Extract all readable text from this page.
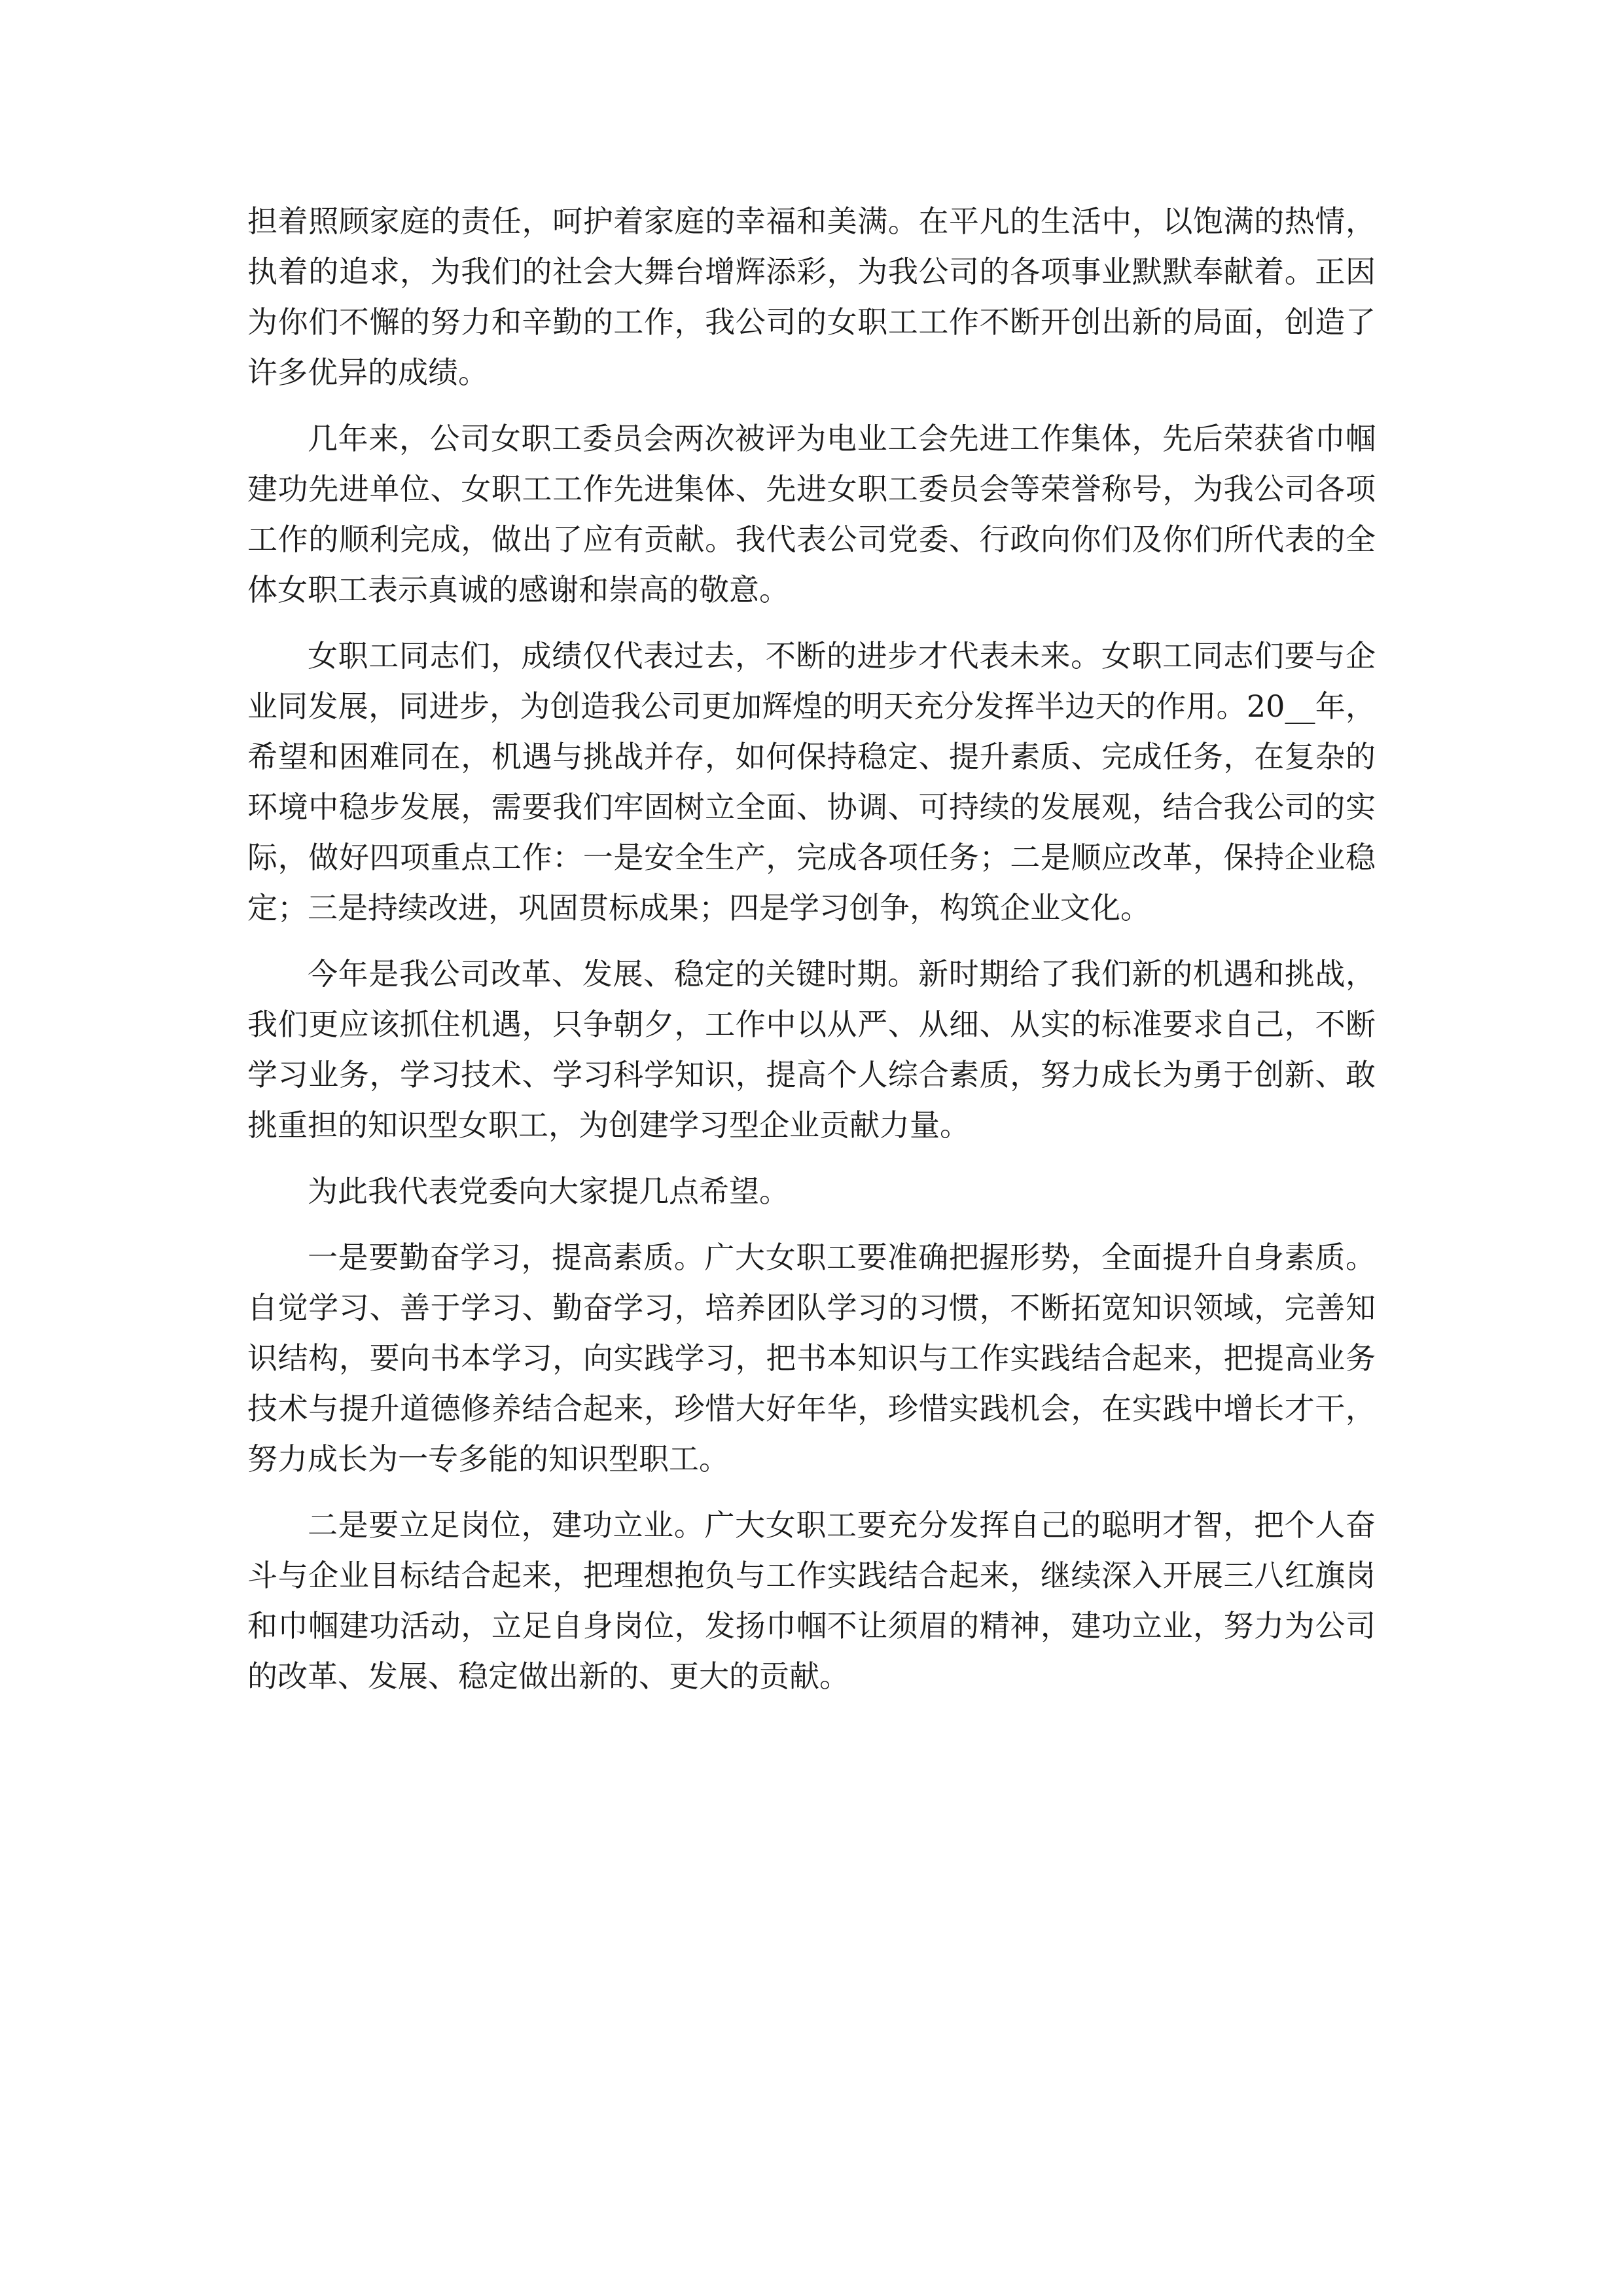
担着照顾家庭的责任，呵护着家庭的幸福和美满。在平凡的生活中，以饱满的热情，执着的追求，为我们的社会大舞台增辉添彩，为我公司的各项事业默默奉献着。正因为你们不懈的努力和辛勤的工作，我公司的女职工工作不断开创出新的局面，创造了许多优异的成绩。

几年来，公司女职工委员会两次被评为电业工会先进工作集体，先后荣获省巾帼建功先进单位、女职工工作先进集体、先进女职工委员会等荣誉称号，为我公司各项工作的顺利完成，做出了应有贡献。我代表公司党委、行政向你们及你们所代表的全体女职工表示真诚的感谢和崇高的敬意。

女职工同志们，成绩仅代表过去，不断的进步才代表未来。女职工同志们要与企业同发展，同进步，为创造我公司更加辉煌的明天充分发挥半边天的作用。20__年，希望和困难同在，机遇与挑战并存，如何保持稳定、提升素质、完成任务，在复杂的环境中稳步发展，需要我们牢固树立全面、协调、可持续的发展观，结合我公司的实际，做好四项重点工作：一是安全生产，完成各项任务；二是顺应改革，保持企业稳定；三是持续改进，巩固贯标成果；四是学习创争，构筑企业文化。

今年是我公司改革、发展、稳定的关键时期。新时期给了我们新的机遇和挑战，我们更应该抓住机遇，只争朝夕，工作中以从严、从细、从实的标准要求自己，不断学习业务，学习技术、学习科学知识，提高个人综合素质，努力成长为勇于创新、敢挑重担的知识型女职工，为创建学习型企业贡献力量。

为此我代表党委向大家提几点希望。

一是要勤奋学习，提高素质。广大女职工要准确把握形势，全面提升自身素质。自觉学习、善于学习、勤奋学习，培养团队学习的习惯，不断拓宽知识领域，完善知识结构，要向书本学习，向实践学习，把书本知识与工作实践结合起来，把提高业务技术与提升道德修养结合起来，珍惜大好年华，珍惜实践机会，在实践中增长才干，努力成长为一专多能的知识型职工。

二是要立足岗位，建功立业。广大女职工要充分发挥自己的聪明才智，把个人奋斗与企业目标结合起来，把理想抱负与工作实践结合起来，继续深入开展三八红旗岗和巾帼建功活动，立足自身岗位，发扬巾帼不让须眉的精神，建功立业，努力为公司的改革、发展、稳定做出新的、更大的贡献。
